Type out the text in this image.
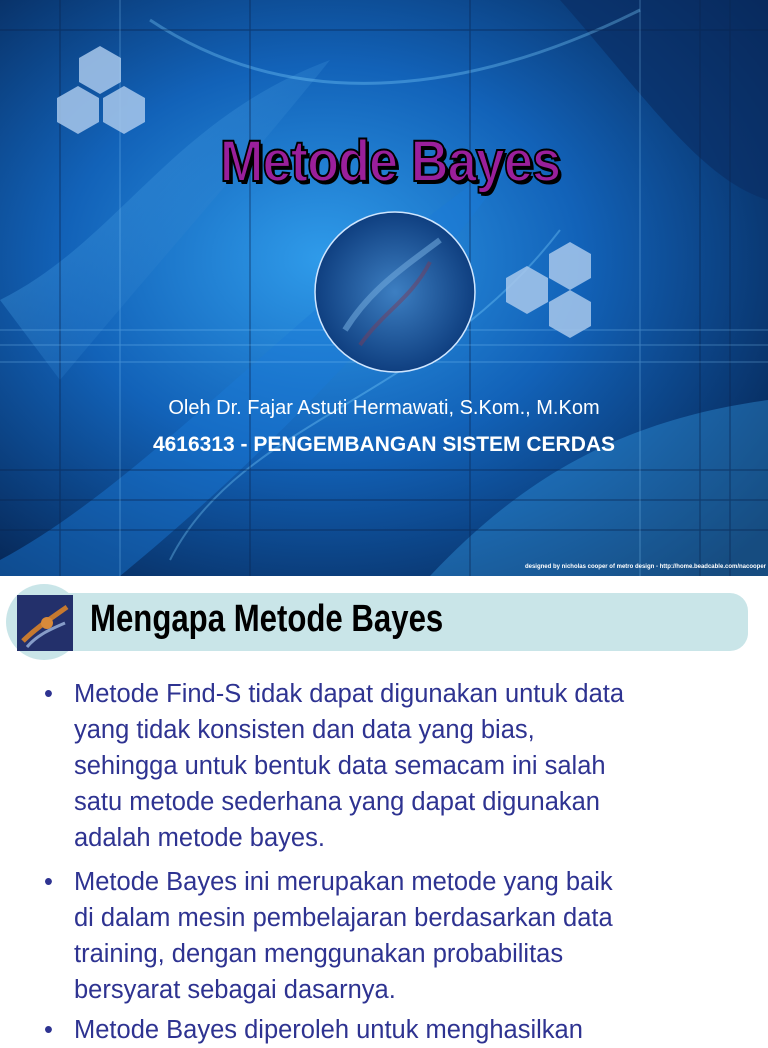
Metode Bayes
Oleh Dr. Fajar Astuti Hermawati, S.Kom., M.Kom
4616313 - PENGEMBANGAN SISTEM CERDAS
designed by nicholas cooper of metro design - http://home.beadcable.com/nacooper
Mengapa Metode Bayes
• Metode Find-S tidak dapat digunakan untuk data
yang tidak konsisten dan data yang bias,
sehingga untuk bentuk data semacam ini salah
satu metode sederhana yang dapat digunakan
adalah metode bayes.
• Metode Bayes ini merupakan metode yang baik
di dalam mesin pembelajaran berdasarkan data
training, dengan menggunakan probabilitas
bersyarat sebagai dasarnya.
• Metode Bayes diperoleh untuk menghasilkan
